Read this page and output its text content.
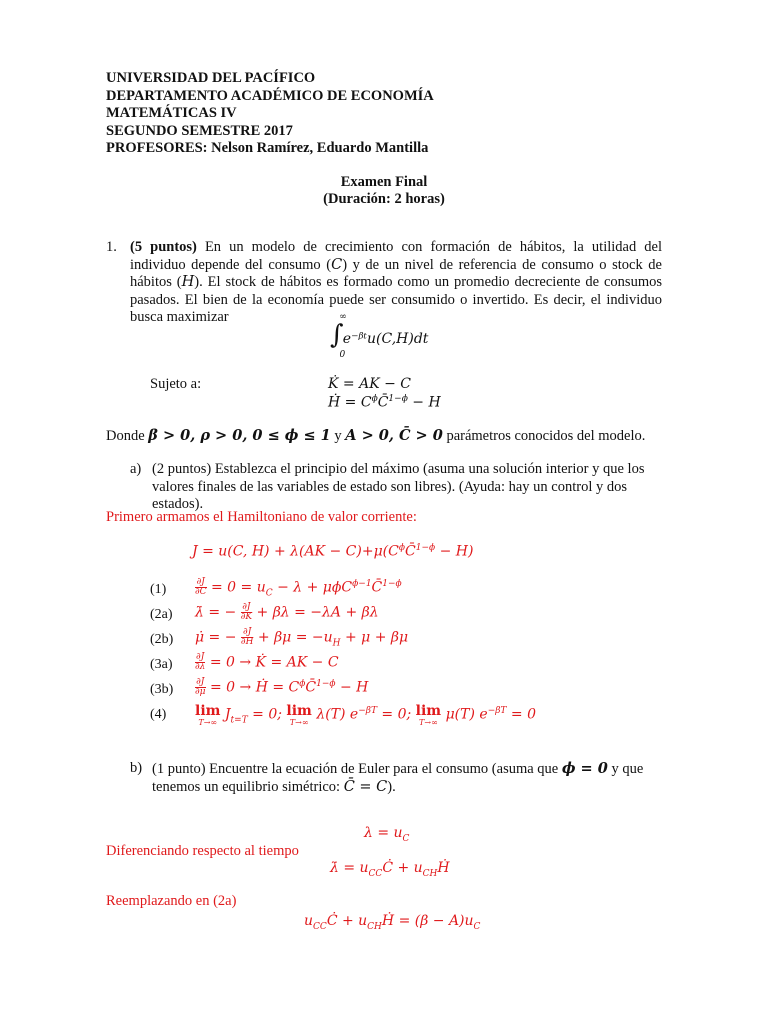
UNIVERSIDAD DEL PACÍFICO
DEPARTAMENTO ACADÉMICO DE ECONOMÍA
MATEMÁTICAS IV
SEGUNDO SEMESTRE 2017
PROFESORES: Nelson Ramírez, Eduardo Mantilla
Examen Final
(Duración: 2 horas)
1. (5 puntos) En un modelo de crecimiento con formación de hábitos, la utilidad del individuo depende del consumo (C) y de un nivel de referencia de consumo o stock de hábitos (H). El stock de hábitos es formado como un promedio decreciente de consumos pasados. El bien de la economía puede ser consumido o invertido. Es decir, el individuo busca maximizar
$\int_0^\infty e^-ᵝᵗu(C,H)dt$
Sujeto a:	K̇ = AK − C
Ḣ = $C^\phi C̄^{1-\phi} - H$
Donde β > 0, ρ > 0, 0 ≤ ϕ ≤ 1 y A > 0, C̄ > 0 parámetros conocidos del modelo.
a) (2 puntos) Establezca el principio del máximo (asuma una solución interior y que los valores finales de las variables de estado son libres). (Ayuda: hay un control y dos estados).
Primero armamos el Hamiltoniano de valor corriente:
J = u(C, $H) + \lambda(AK - C)+\mu(C^\phi C̄^{1-\phi} - H)$
(1)	$\frac{\partial J}{\partial C} = 0 = u_C - \lambda$ + μϕC$^{\phi-1}$C̄$^{1-\phi}$
(2a) λ̇ = − $\frac{\partial J}{\partial K} + \beta\lambda = -\lambda A + \beta\lambda$
(2b) μ̇ = − $\frac{\partial J}{\partial H} + \beta\mu = -u_H + \mu + \beta\mu$
$(3a) \frac{\partial J}{\partial\lambda} = 0$ → K̇ = AK − C
$(3b) \frac{\partial J}{\partial\mu} = 0$ → Ḣ = $C^\phi C̄^{1-\phi} - H$
(4) lim
T→∞ $J_{t=T} = 0$; lim
T→∞ λ(T) $e^{-\beta T} = 0$; lim
T→∞ μ(T) $e^{-\beta T} = 0$
b) (1 punto) Encuentre la ecuación de Euler para el consumo (asuma que ϕ = 0 y que tenemos un equilibrio simétrico: C̄ = C).
$\lambda = u_C$
Diferenciando respecto al tiempo
λ̇ = $u_{CC}Ċ$ + $u_{CH}Ḣ$
Reemplazando en (2a)
$u_{CC}Ċ$ + $u_{CH}Ḣ = (\beta - A)u_C$
